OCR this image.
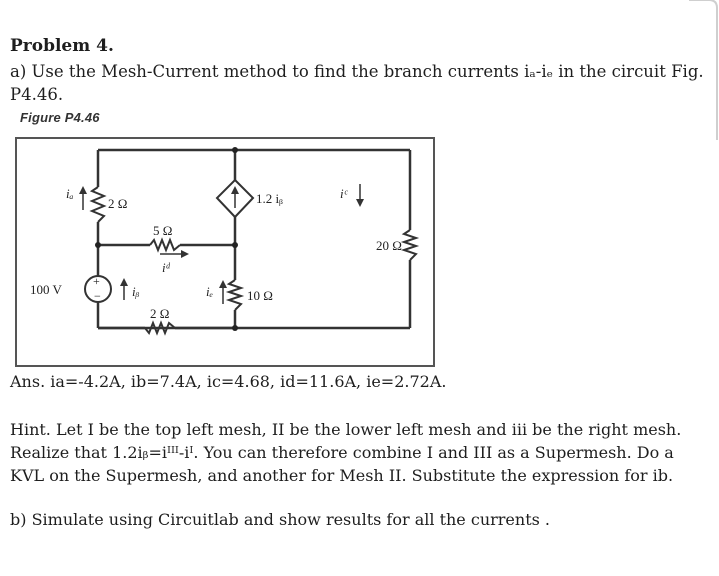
Problem 4.
a) Use the Mesh-Current method to find the branch currents iₐ-iₑ in the circuit Fig. P4.46.
Figure P4.46
2 Ω
iₐ
5 Ω
iᵈ
1.2 iᵦ	iᶜ
20 Ω
+
−
100 V	iᵦ	10 Ω
iₑ
2 Ω
Ans. ia=-4.2A, ib=7.4A, ic=4.68, id=11.6A, ie=2.72A.
Hint. Let I be the top left mesh, II be the lower left mesh and iii be the right mesh. Realize that 1.2iᵦ=iᴵᴵᴵ-iᴵ. You can therefore combine I and III as a Supermesh. Do a KVL on the Supermesh, and another for Mesh II. Substitute the expression for ib.
b) Simulate using Circuitlab and show results for all the currents .
